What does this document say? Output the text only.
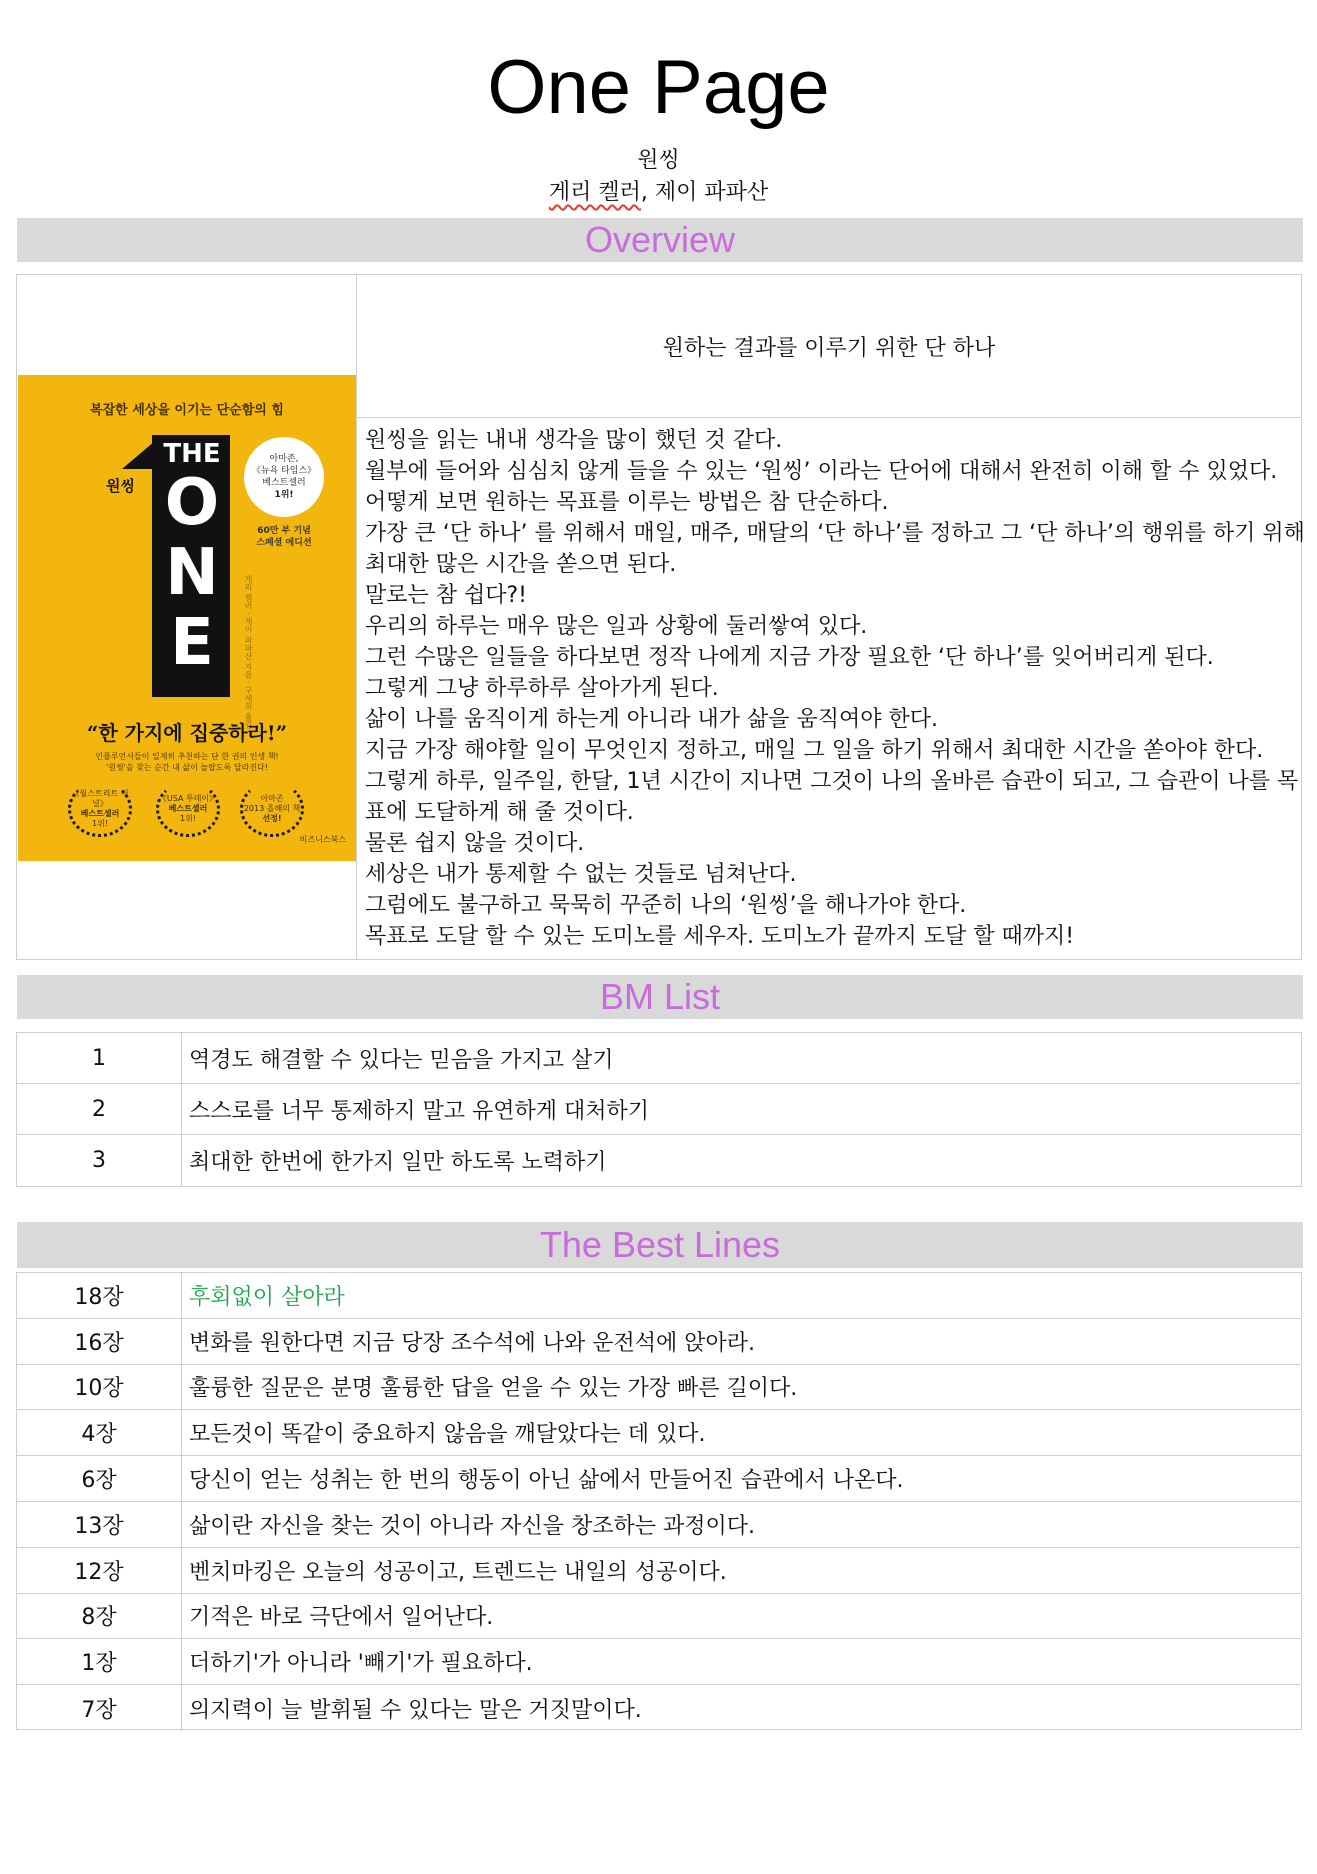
One Page
원씽
게리 켈러, 제이 파파산
Overview
복잡한 세상을 이기는 단순함의 힘
원씽
THE
O
N
E
아마존,
《뉴욕 타임스》
베스트셀러
1위!
60만 부 기념
스페셜 에디션
게리 켈러 · 제이 파파산 지음 · 구세희 옮김
“한 가지에 집중하라!”
인플루언서들이 일제히 추천하는 단 한 권의 인생 책!
'원씽'을 찾는 순간 내 삶이 놀랍도록 달라진다!
《월스트리트 저널》
베스트셀러
1위!
《USA 투데이》
베스트셀러
1위!
아마존
2013 올해의 책
선정!
비즈니스북스
원하는 결과를 이루기 위한 단 하나
원씽을 읽는 내내 생각을 많이 했던 것 같다.
월부에 들어와 심심치 않게 들을 수 있는 ‘원씽’ 이라는 단어에 대해서 완전히 이해 할 수 있었다.
어떻게 보면 원하는 목표를 이루는 방법은 참 단순하다.
가장 큰 ‘단 하나’ 를 위해서 매일, 매주, 매달의 ‘단 하나’를 정하고 그 ‘단 하나’의 행위를 하기 위해
최대한 많은 시간을 쏟으면 된다.
말로는 참 쉽다?!
우리의 하루는 매우 많은 일과 상황에 둘러쌓여 있다.
그런 수많은 일들을 하다보면 정작 나에게 지금 가장 필요한 ‘단 하나’를 잊어버리게 된다.
그렇게 그냥 하루하루 살아가게 된다.
삶이 나를 움직이게 하는게 아니라 내가 삶을 움직여야 한다.
지금 가장 해야할 일이 무엇인지 정하고, 매일 그 일을 하기 위해서 최대한 시간을 쏟아야 한다.
그렇게 하루, 일주일, 한달, 1년 시간이 지나면 그것이 나의 올바른 습관이 되고, 그 습관이 나를 목
표에 도달하게 해 줄 것이다.
물론 쉽지 않을 것이다.
세상은 내가 통제할 수 없는 것들로 넘쳐난다.
그럼에도 불구하고 묵묵히 꾸준히 나의 ‘원씽’을 해나가야 한다.
목표로 도달 할 수 있는 도미노를 세우자. 도미노가 끝까지 도달 할 때까지!
BM List
1	역경도 해결할 수 있다는 믿음을 가지고 살기
2	스스로를 너무 통제하지 말고 유연하게 대처하기
3	최대한 한번에 한가지 일만 하도록 노력하기
The Best Lines
18장	후회없이 살아라
16장	변화를 원한다면 지금 당장 조수석에 나와 운전석에 앉아라.
10장	훌륭한 질문은 분명 훌륭한 답을 얻을 수 있는 가장 빠른 길이다.
4장	모든것이 똑같이 중요하지 않음을 깨달았다는 데 있다.
6장	당신이 얻는 성취는 한 번의 행동이 아닌 삶에서 만들어진 습관에서 나온다.
13장	삶이란 자신을 찾는 것이 아니라 자신을 창조하는 과정이다.
12장	벤치마킹은 오늘의 성공이고, 트렌드는 내일의 성공이다.
8장	기적은 바로 극단에서 일어난다.
1장	더하기'가 아니라 '빼기'가 필요하다.
7장	의지력이 늘 발휘될 수 있다는 말은 거짓말이다.
